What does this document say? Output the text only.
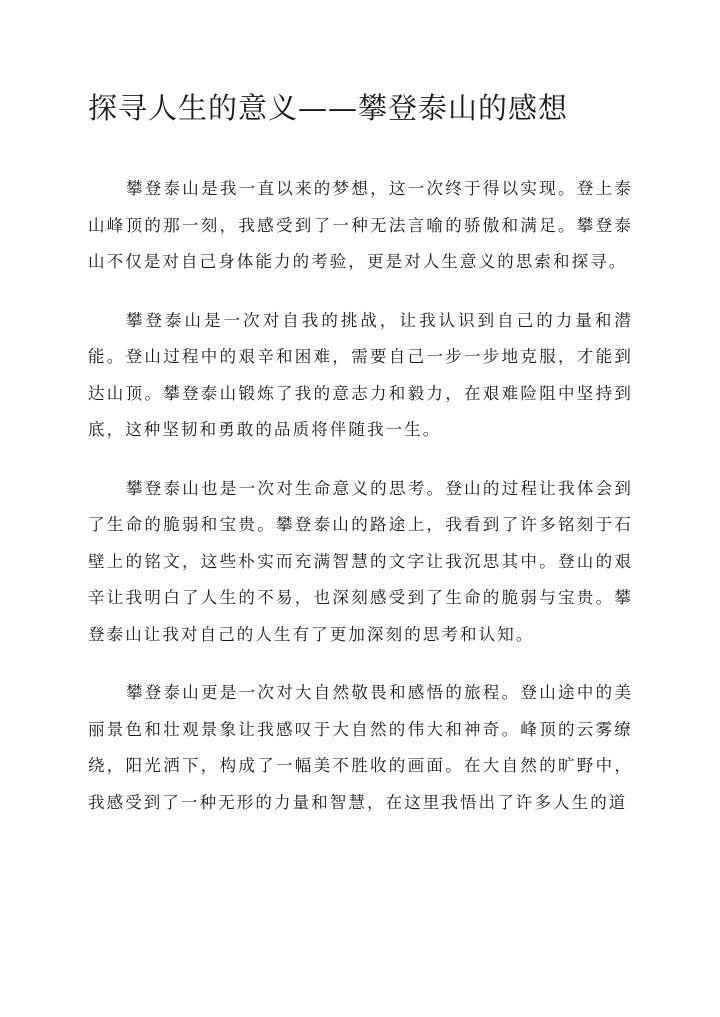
探寻人生的意义——攀登泰山的感想

攀登泰山是我一直以来的梦想，这一次终于得以实现。登上泰山峰顶的那一刻，我感受到了一种无法言喻的骄傲和满足。攀登泰山不仅是对自己身体能力的考验，更是对人生意义的思索和探寻。

攀登泰山是一次对自我的挑战，让我认识到自己的力量和潜能。登山过程中的艰辛和困难，需要自己一步一步地克服，才能到达山顶。攀登泰山锻炼了我的意志力和毅力，在艰难险阻中坚持到底，这种坚韧和勇敢的品质将伴随我一生。

攀登泰山也是一次对生命意义的思考。登山的过程让我体会到了生命的脆弱和宝贵。攀登泰山的路途上，我看到了许多铭刻于石壁上的铭文，这些朴实而充满智慧的文字让我沉思其中。登山的艰辛让我明白了人生的不易，也深刻感受到了生命的脆弱与宝贵。攀登泰山让我对自己的人生有了更加深刻的思考和认知。

攀登泰山更是一次对大自然敬畏和感悟的旅程。登山途中的美丽景色和壮观景象让我感叹于大自然的伟大和神奇。峰顶的云雾缭绕，阳光洒下，构成了一幅美不胜收的画面。在大自然的旷野中，我感受到了一种无形的力量和智慧，在这里我悟出了许多人生的道
